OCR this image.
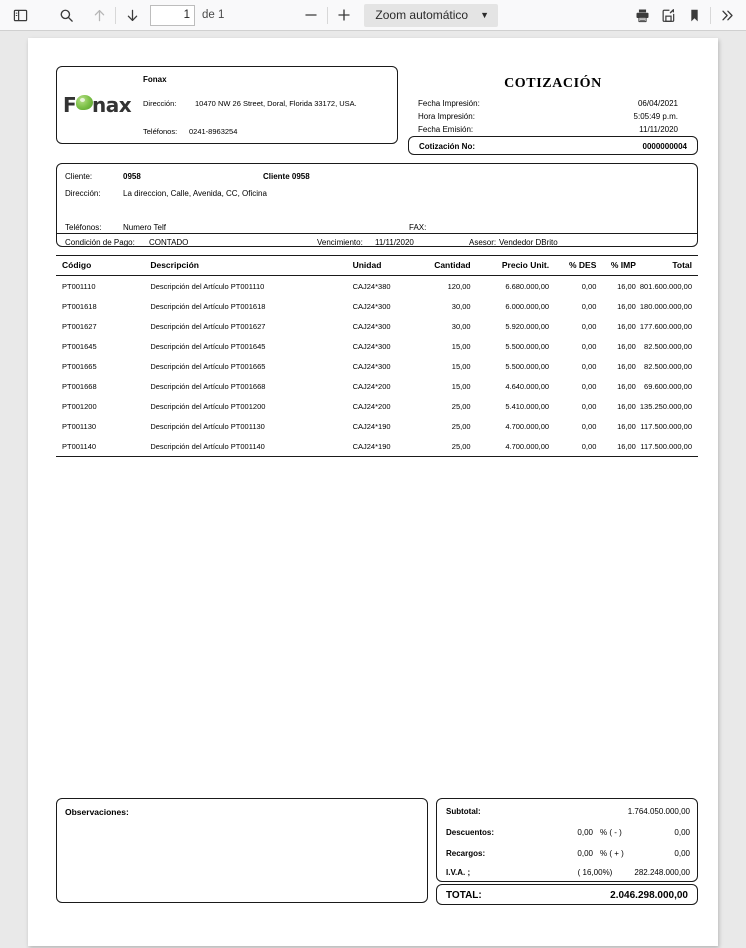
1
de 1	Zoom automático ▼
F nax
Fonax
Dirección: 10470 NW 26 Street, Doral, Florida 33172, USA.
Teléfonos: 0241-8963254
COTIZACIÓN
Fecha Impresión:	06/04/2021
Hora Impresión:	5:05:49 p.m.
Fecha Emisión:	11/11/2020
Cotización No:	0000000004
Cliente:	0958	Cliente 0958
Dirección:	La direccion, Calle, Avenida, CC, Oficina
Teléfonos:	Numero Telf	FAX:
Condición de Pago: CONTADO	Vencimiento: 11/11/2020	Asesor: Vendedor DBrito
Código	Descripción	Unidad	Cantidad	Precio Unit.	% DES	% IMP	Total
PT001110	Descripción del Artículo PT001110	CAJ24*380	120,00	6.680.000,00	0,00	16,00	801.600.000,00
PT001618	Descripción del Artículo PT001618	CAJ24*300	30,00	6.000.000,00	0,00	16,00	180.000.000,00
PT001627	Descripción del Artículo PT001627	CAJ24*300	30,00	5.920.000,00	0,00	16,00	177.600.000,00
PT001645	Descripción del Artículo PT001645	CAJ24*300	15,00	5.500.000,00	0,00	16,00	82.500.000,00
PT001665	Descripción del Artículo PT001665	CAJ24*300	15,00	5.500.000,00	0,00	16,00	82.500.000,00
PT001668	Descripción del Artículo PT001668	CAJ24*200	15,00	4.640.000,00	0,00	16,00	69.600.000,00
PT001200	Descripción del Artículo PT001200	CAJ24*200	25,00	5.410.000,00	0,00	16,00	135.250.000,00
PT001130	Descripción del Artículo PT001130	CAJ24*190	25,00	4.700.000,00	0,00	16,00	117.500.000,00
PT001140	Descripción del Artículo PT001140	CAJ24*190	25,00	4.700.000,00	0,00	16,00	117.500.000,00
Observaciones:	Subtotal:	1.764.050.000,00
Descuentos:	0,00 % ( - )	0,00
Recargos:	0,00 % ( + )	0,00
I.V.A. ;	( 16,00%)	282.248.000,00
TOTAL:	2.046.298.000,00
